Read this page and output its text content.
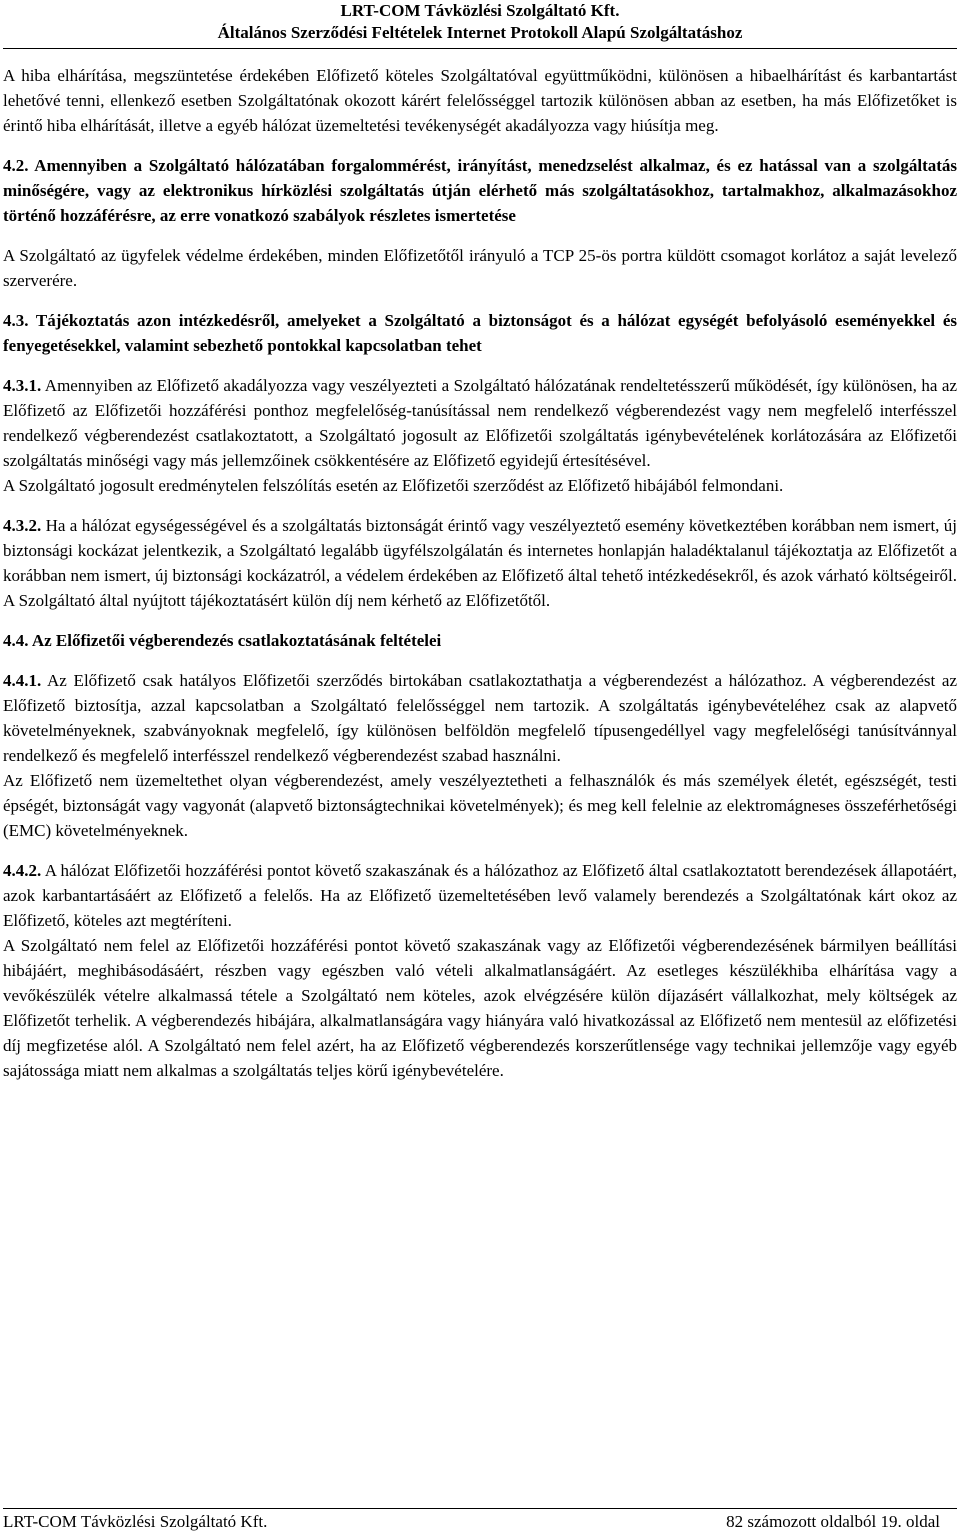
LRT-COM Távközlési Szolgáltató Kft.
Általános Szerződési Feltételek Internet Protokoll Alapú Szolgáltatáshoz

A hiba elhárítása, megszüntetése érdekében Előfizető köteles Szolgáltatóval együttműködni, különösen a hibaelhárítást és karbantartást lehetővé tenni, ellenkező esetben Szolgáltatónak okozott kárért felelősséggel tartozik különösen abban az esetben, ha más Előfizetőket is érintő hiba elhárítását, illetve a egyéb hálózat üzemeltetési tevékenységét akadályozza vagy hiúsítja meg.

4.2. Amennyiben a Szolgáltató hálózatában forgalommérést, irányítást, menedzselést alkalmaz, és ez hatással van a szolgáltatás minőségére, vagy az elektronikus hírközlési szolgáltatás útján elérhető más szolgáltatásokhoz, tartalmakhoz, alkalmazásokhoz történő hozzáférésre, az erre vonatkozó szabályok részletes ismertetése

A Szolgáltató az ügyfelek védelme érdekében, minden Előfizetőtől irányuló a TCP 25-ös portra küldött csomagot korlátoz a saját levelező szerverére.

4.3. Tájékoztatás azon intézkedésről, amelyeket a Szolgáltató a biztonságot és a hálózat egységét befolyásoló eseményekkel és fenyegetésekkel, valamint sebezhető pontokkal kapcsolatban tehet

4.3.1. Amennyiben az Előfizető akadályozza vagy veszélyezteti a Szolgáltató hálózatának rendeltetésszerű működését, így különösen, ha az Előfizető az Előfizetői hozzáférési ponthoz megfelelőség-tanúsítással nem rendelkező végberendezést vagy nem megfelelő interfésszel rendelkező végberendezést csatlakoztatott, a Szolgáltató jogosult az Előfizetői szolgáltatás igénybevételének korlátozására az Előfizetői szolgáltatás minőségi vagy más jellemzőinek csökkentésére az Előfizető egyidejű értesítésével.

A Szolgáltató jogosult eredménytelen felszólítás esetén az Előfizetői szerződést az Előfizető hibájából felmondani.

4.3.2. Ha a hálózat egységességével és a szolgáltatás biztonságát érintő vagy veszélyeztető esemény következtében korábban nem ismert, új biztonsági kockázat jelentkezik, a Szolgáltató legalább ügyfélszolgálatán és internetes honlapján haladéktalanul tájékoztatja az Előfizetőt a korábban nem ismert, új biztonsági kockázatról, a védelem érdekében az Előfizető által tehető intézkedésekről, és azok várható költségeiről. A Szolgáltató által nyújtott tájékoztatásért külön díj nem kérhető az Előfizetőtől.

4.4. Az Előfizetői végberendezés csatlakoztatásának feltételei

4.4.1. Az Előfizető csak hatályos Előfizetői szerződés birtokában csatlakoztathatja a végberendezést a hálózathoz. A végberendezést az Előfizető biztosítja, azzal kapcsolatban a Szolgáltató felelősséggel nem tartozik. A szolgáltatás igénybevételéhez csak az alapvető követelményeknek, szabványoknak megfelelő, így különösen belföldön megfelelő típusengedéllyel vagy megfelelőségi tanúsítvánnyal rendelkező és megfelelő interfésszel rendelkező végberendezést szabad használni.

Az Előfizető nem üzemeltethet olyan végberendezést, amely veszélyeztetheti a felhasználók és más személyek életét, egészségét, testi épségét, biztonságát vagy vagyonát (alapvető biztonságtechnikai követelmények); és meg kell felelnie az elektromágneses összeférhetőségi (EMC) követelményeknek.

4.4.2. A hálózat Előfizetői hozzáférési pontot követő szakaszának és a hálózathoz az Előfizető által csatlakoztatott berendezések állapotáért, azok karbantartásáért az Előfizető a felelős. Ha az Előfizető üzemeltetésében levő valamely berendezés a Szolgáltatónak kárt okoz az Előfizető, köteles azt megtéríteni.

A Szolgáltató nem felel az Előfizetői hozzáférési pontot követő szakaszának vagy az Előfizetői végberendezésének bármilyen beállítási hibájáért, meghibásodásáért, részben vagy egészben való vételi alkalmatlanságáért. Az esetleges készülékhiba elhárítása vagy a vevőkészülék vételre alkalmassá tétele a Szolgáltató nem köteles, azok elvégzésére külön díjazásért vállalkozhat, mely költségek az Előfizetőt terhelik. A végberendezés hibájára, alkalmatlanságára vagy hiányára való hivatkozással az Előfizető nem mentesül az előfizetési díj megfizetése alól. A Szolgáltató nem felel azért, ha az Előfizető végberendezés korszerűtlensége vagy technikai jellemzője vagy egyéb sajátossága miatt nem alkalmas a szolgáltatás teljes körű igénybevételére.

LRT-COM Távközlési Szolgáltató Kft.	82 számozott oldalból 19. oldal
